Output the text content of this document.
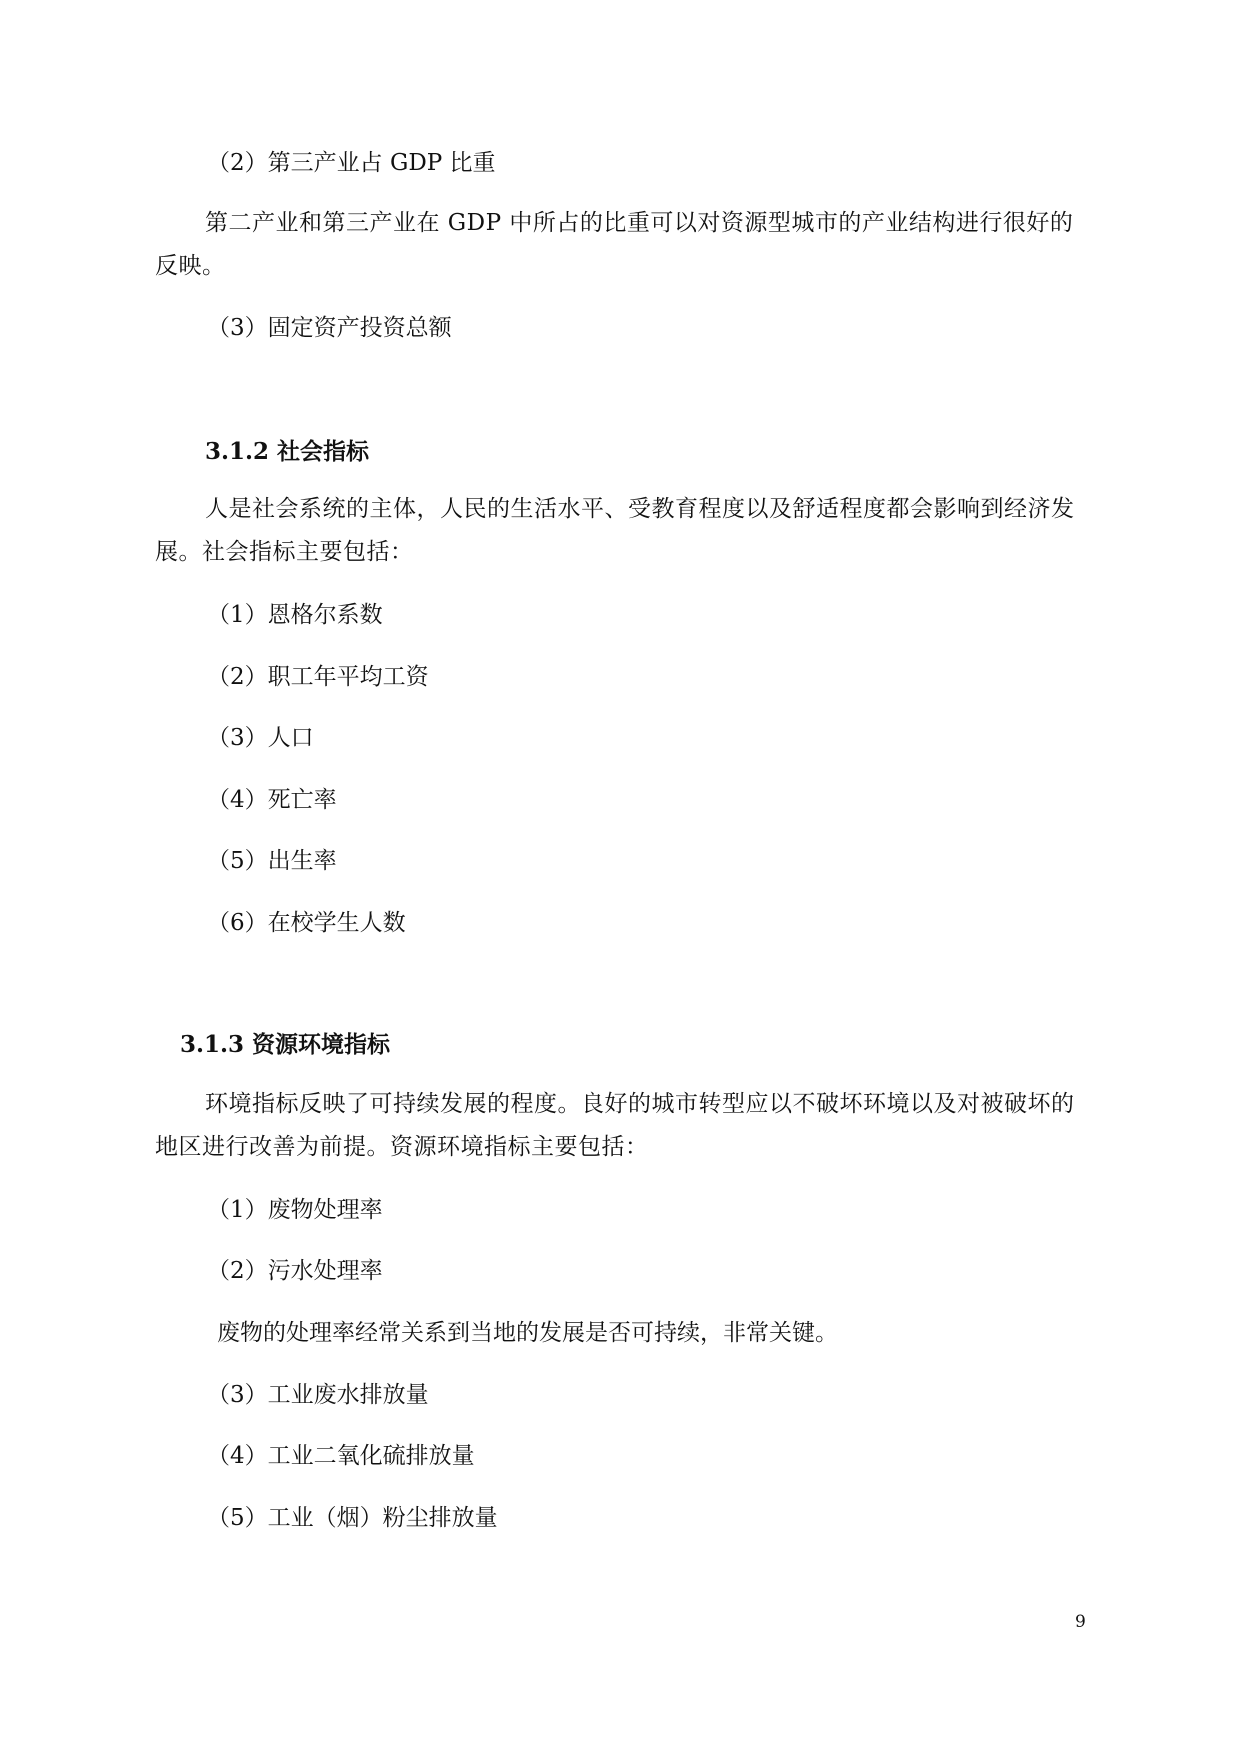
（2）第三产业占 GDP 比重
第二产业和第三产业在 GDP 中所占的比重可以对资源型城市的产业结构进行很好的反映。
（3）固定资产投资总额
3.1.2 社会指标
人是社会系统的主体，人民的生活水平、受教育程度以及舒适程度都会影响到经济发展。社会指标主要包括：
（1）恩格尔系数
（2）职工年平均工资
（3）人口
（4）死亡率
（5）出生率
（6）在校学生人数
3.1.3 资源环境指标
环境指标反映了可持续发展的程度。良好的城市转型应以不破坏环境以及对被破坏的地区进行改善为前提。资源环境指标主要包括：
（1）废物处理率
（2）污水处理率
废物的处理率经常关系到当地的发展是否可持续，非常关键。
（3）工业废水排放量
（4）工业二氧化硫排放量
（5）工业（烟）粉尘排放量
9
